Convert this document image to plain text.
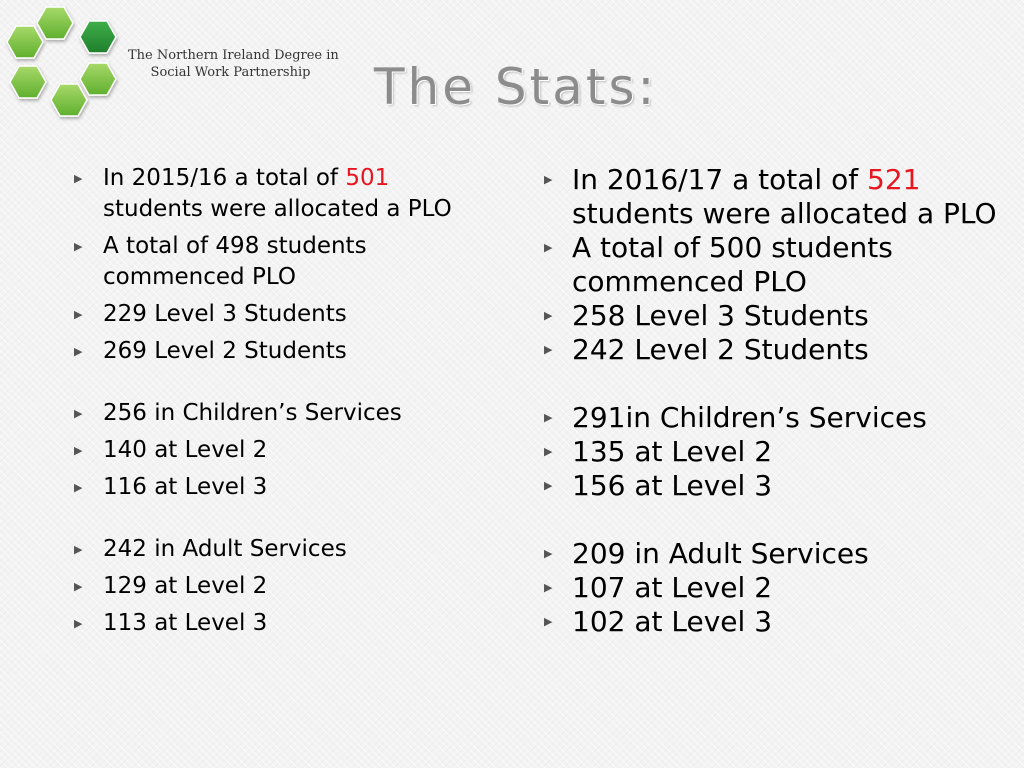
The Northern Ireland Degree in
Social Work Partnership	The Stats:
▶ In 2015/16 a total of 501 students were allocated a PLO
▶ A total of 498 students commenced PLO
▶ 229 Level 3 Students
▶ 269 Level 2 Students
▶ 256 in Children’s Services
▶ 140 at Level 2
▶ 116 at Level 3
▶ 242 in Adult Services
▶ 129 at Level 2
▶ 113 at Level 3
▶ In 2016/17 a total of 521 students were allocated a PLO
▶ A total of 500 students commenced PLO
▶ 258 Level 3 Students
▶ 242 Level 2 Students
▶ 291in Children’s Services
▶ 135 at Level 2
▶ 156 at Level 3
▶ 209 in Adult Services
▶ 107 at Level 2
▶ 102 at Level 3
